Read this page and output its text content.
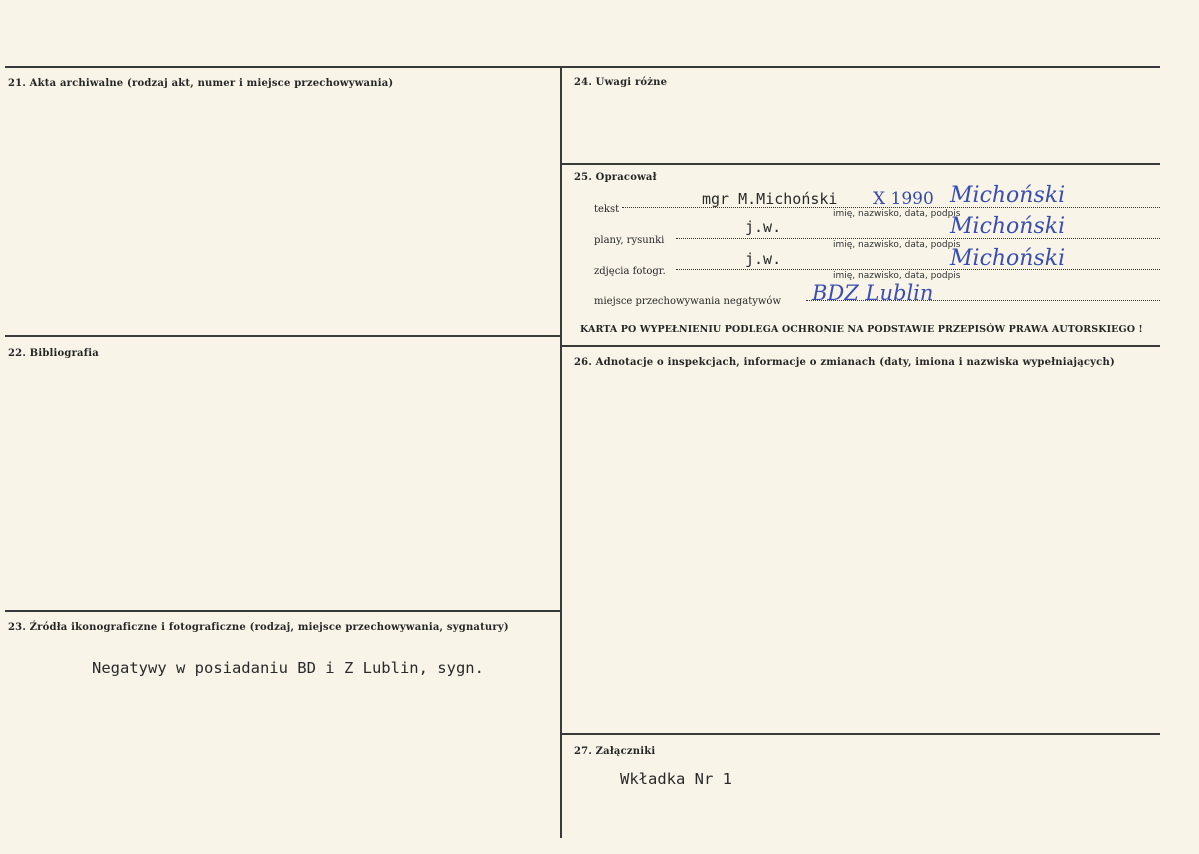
21. Akta archiwalne (rodzaj akt, numer i miejsce przechowywania)
22. Bibliografia
23. Źródła ikonograficzne i fotograficzne (rodzaj, miejsce przechowywania, sygnatury)
24. Uwagi różne
25. Opracował
26. Adnotacje o inspekcjach, informacje o zmianach (daty, imiona i nazwiska wypełniających)
27. Załączniki
tekst
mgr M.Michoński X 1990 Michoński
imię, nazwisko, data, podpis
plany, rysunki
j.w.	Michoński
imię, nazwisko, data, podpis
zdjęcia fotogr.
j.w.	Michoński
imię, nazwisko, data, podpis
miejsce przechowywania negatywów BDZ Lublin
KARTA PO WYPEŁNIENIU PODLEGA OCHRONIE NA PODSTAWIE PRZEPISÓW PRAWA AUTORSKIEGO !
Negatywy w posiadaniu BD i Z Lublin, sygn.
Wkładka Nr 1
